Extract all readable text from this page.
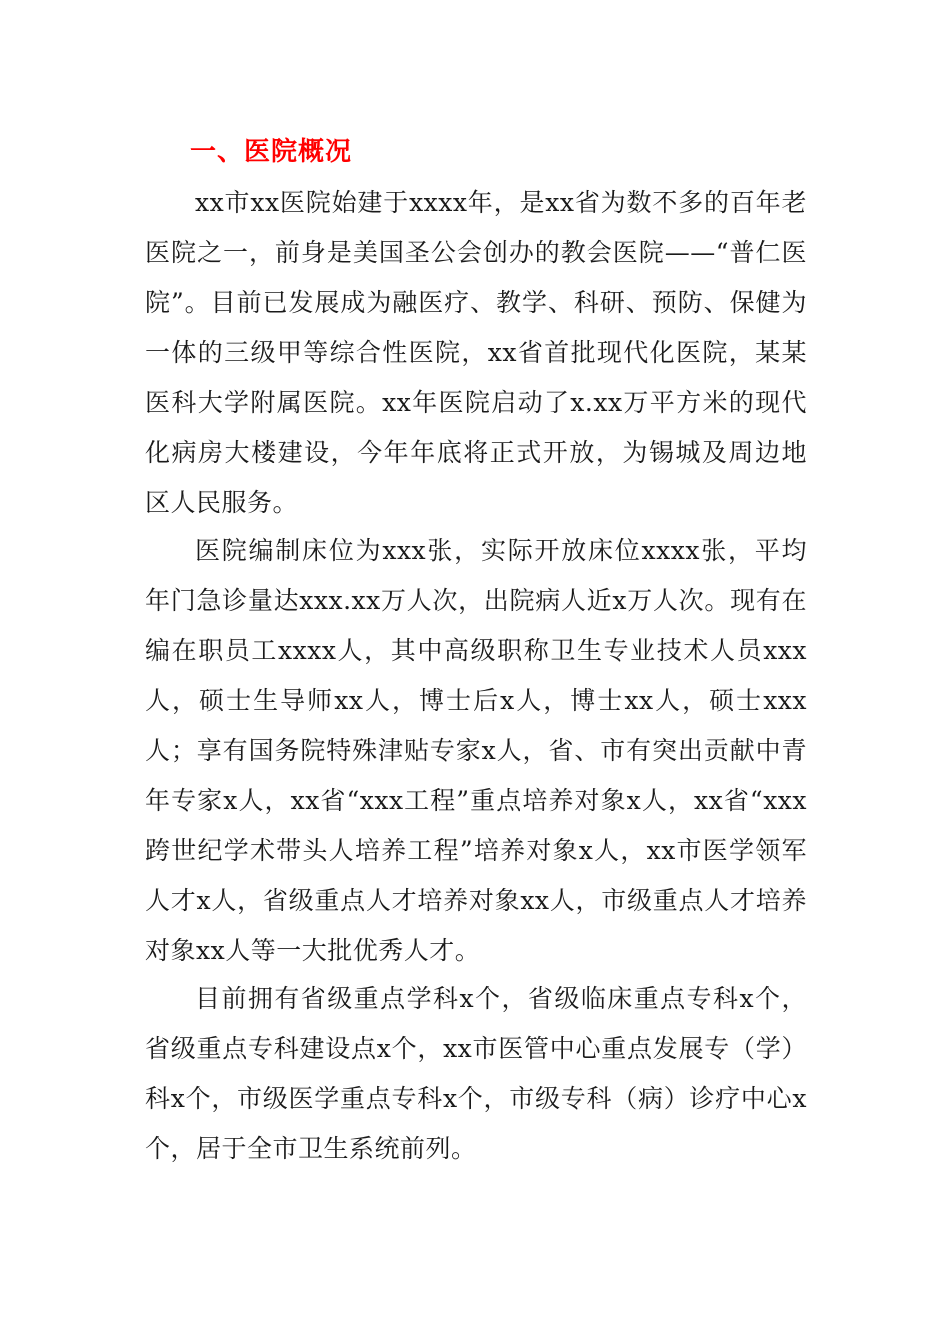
一、医院概况

xx市xx医院始建于xxxx年，是xx省为数不多的百年老医院之一，前身是美国圣公会创办的教会医院——“普仁医院”。目前已发展成为融医疗、教学、科研、预防、保健为一体的三级甲等综合性医院，xx省首批现代化医院，某某医科大学附属医院。xx年医院启动了x.xx万平方米的现代化病房大楼建设，今年年底将正式开放，为锡城及周边地区人民服务。

医院编制床位为xxx张，实际开放床位xxxx张，平均年门急诊量达xxx.xx万人次，出院病人近x万人次。现有在编在职员工xxxx人，其中高级职称卫生专业技术人员xxx人，硕士生导师xx人，博士后x人，博士xx人，硕士xxx人；享有国务院特殊津贴专家x人，省、市有突出贡献中青年专家x人，xx省“xxx工程”重点培养对象x人，xx省“xxx跨世纪学术带头人培养工程”培养对象x人，xx市医学领军人才x人，省级重点人才培养对象xx人，市级重点人才培养对象xx人等一大批优秀人才。

目前拥有省级重点学科x个，省级临床重点专科x个，省级重点专科建设点x个，xx市医管中心重点发展专（学）科x个，市级医学重点专科x个，市级专科（病）诊疗中心x个，居于全市卫生系统前列。
